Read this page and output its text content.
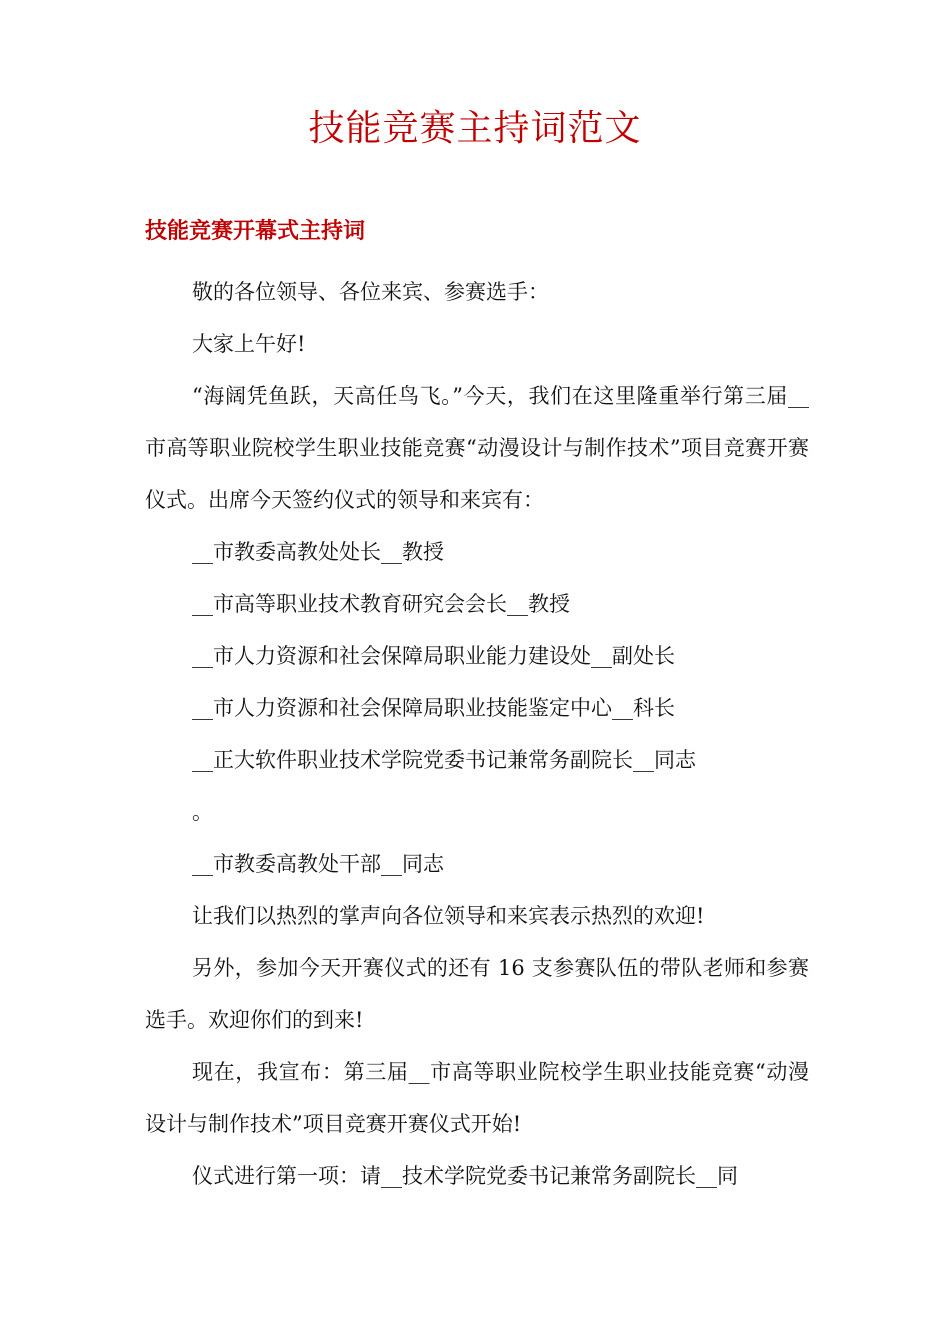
技能竞赛主持词范文
技能竞赛开幕式主持词

敬的各位领导、各位来宾、参赛选手：

大家上午好!

“海阔凭鱼跃，天高任鸟飞。”今天，我们在这里隆重举行第三届__市高等职业院校学生职业技能竞赛“动漫设计与制作技术”项目竞赛开赛仪式。出席今天签约仪式的领导和来宾有：

__市教委高教处处长__教授

__市高等职业技术教育研究会会长__教授

__市人力资源和社会保障局职业能力建设处__副处长

__市人力资源和社会保障局职业技能鉴定中心__科长

__正大软件职业技术学院党委书记兼常务副院长__同志

。

__市教委高教处干部__同志

让我们以热烈的掌声向各位领导和来宾表示热烈的欢迎!

另外，参加今天开赛仪式的还有 16 支参赛队伍的带队老师和参赛选手。欢迎你们的到来!

现在，我宣布：第三届__市高等职业院校学生职业技能竞赛“动漫设计与制作技术”项目竞赛开赛仪式开始!

仪式进行第一项：请__技术学院党委书记兼常务副院长__同
